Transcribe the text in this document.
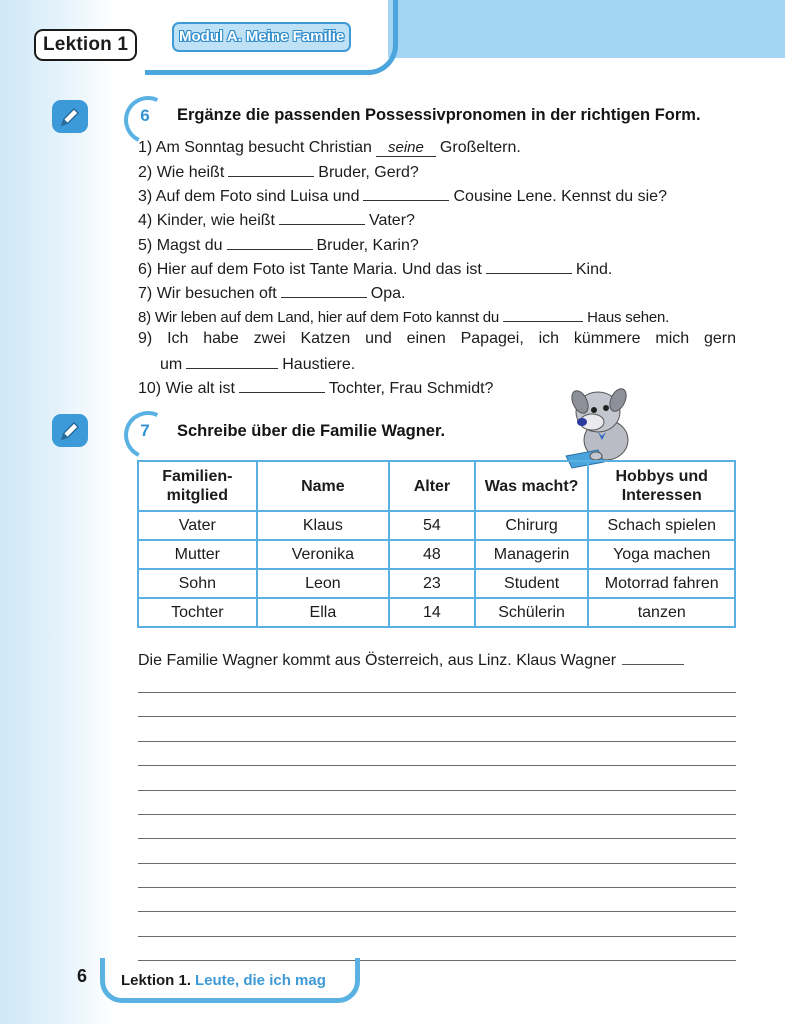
Lektion 1	Modul A. Meine Familie
6 Ergänze die passenden Possessivpronomen in der richtigen Form.
1) Am Sonntag besucht Christian seine Großeltern.
2) Wie heißt	Bruder, Gerd?
3) Auf dem Foto sind Luisa und	Cousine Lene. Kennst du sie?
4) Kinder, wie heißt	Vater?
5) Magst du	Bruder, Karin?
6) Hier auf dem Foto ist Tante Maria. Und das ist	Kind.
7) Wir besuchen oft	Opa.
8) Wir leben auf dem Land, hier auf dem Foto kannst du	Haus sehen.
9) Ich habe zwei Katzen und einen Papagei, ich kümmere mich gern
um	Haustiere.
10) Wie alt ist	Tochter, Frau Schmidt?
7 Schreibe über die Familie Wagner.
Familien-
mitglied	Name	Alter	Was macht?	Hobbys und
Interessen
Vater	Klaus	54	Chirurg	Schach spielen
Mutter	Veronika	48	Managerin	Yoga machen
Sohn	Leon	23	Student	Motorrad fahren
Tochter	Ella	14	Schülerin	tanzen
Die Familie Wagner kommt aus Österreich, aus Linz. Klaus Wagner
6 Lektion 1. Leute, die ich mag
